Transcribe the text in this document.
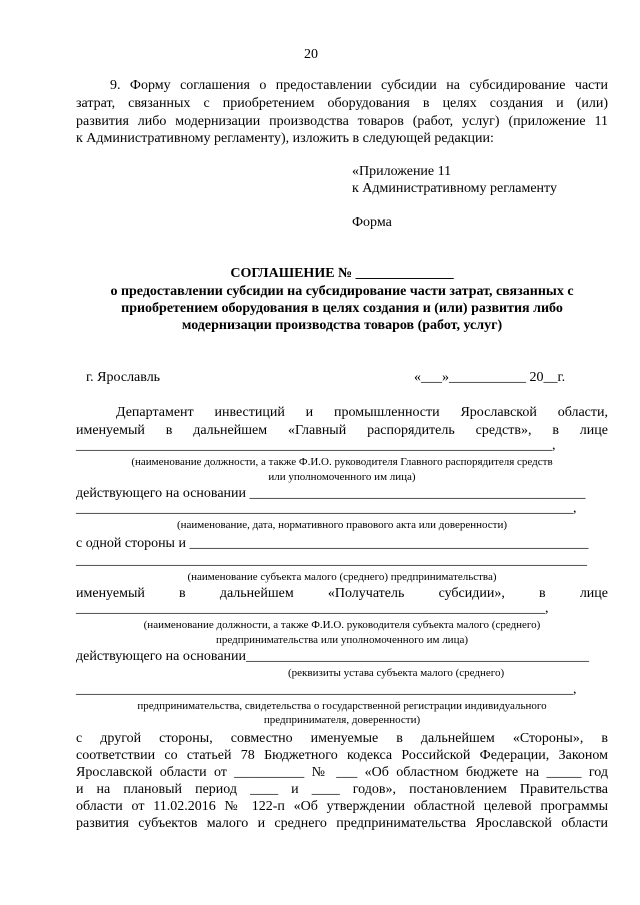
20
9. Форму соглашения о предоставлении субсидии на субсидирование части
затрат, связанных с приобретением оборудования в целях создания и (или)
развития либо модернизации производства товаров (работ, услуг) (приложение 11
к Административному регламенту), изложить в следующей редакции:
«Приложение 11
к Административному регламенту
Форма
СОГЛАШЕНИЕ № ______________
о предоставлении субсидии на субсидирование части затрат, связанных с
приобретением оборудования в целях создания и (или) развития либо
модернизации производства товаров (работ, услуг)
г. Ярославль	«___»___________ 20__г.
Департамент инвестиций и промышленности Ярославской области,
именуемый в дальнейшем «Главный распорядитель средств», в лице
____________________________________________________________________,
(наименование должности, а также Ф.И.О. руководителя Главного распорядителя средств
или уполномоченного им лица)
действующего на основании ________________________________________________
_______________________________________________________________________,
(наименование, дата, нормативного правового акта или доверенности)
с одной стороны и _________________________________________________________
_________________________________________________________________________
(наименование субъекта малого (среднего) предпринимательства)
именуемый в дальнейшем «Получатель субсидии», в лице
___________________________________________________________________,
(наименование должности, а также Ф.И.О. руководителя субъекта малого (среднего)
предпринимательства или уполномоченного им лица)
действующего на основании_________________________________________________
(реквизиты устава субъекта малого (среднего)
_______________________________________________________________________,
предпринимательства, свидетельства о государственной регистрации индивидуального
предпринимателя, доверенности)
с другой стороны, совместно именуемые в дальнейшем «Стороны», в
соответствии со статьей 78 Бюджетного кодекса Российской Федерации, Законом
Ярославской области от __________ № ___ «Об областном бюджете на _____ год
и на плановый период ____ и ____ годов», постановлением Правительства
области от 11.02.2016 № 122-п «Об утверждении областной целевой программы
развития субъектов малого и среднего предпринимательства Ярославской области
